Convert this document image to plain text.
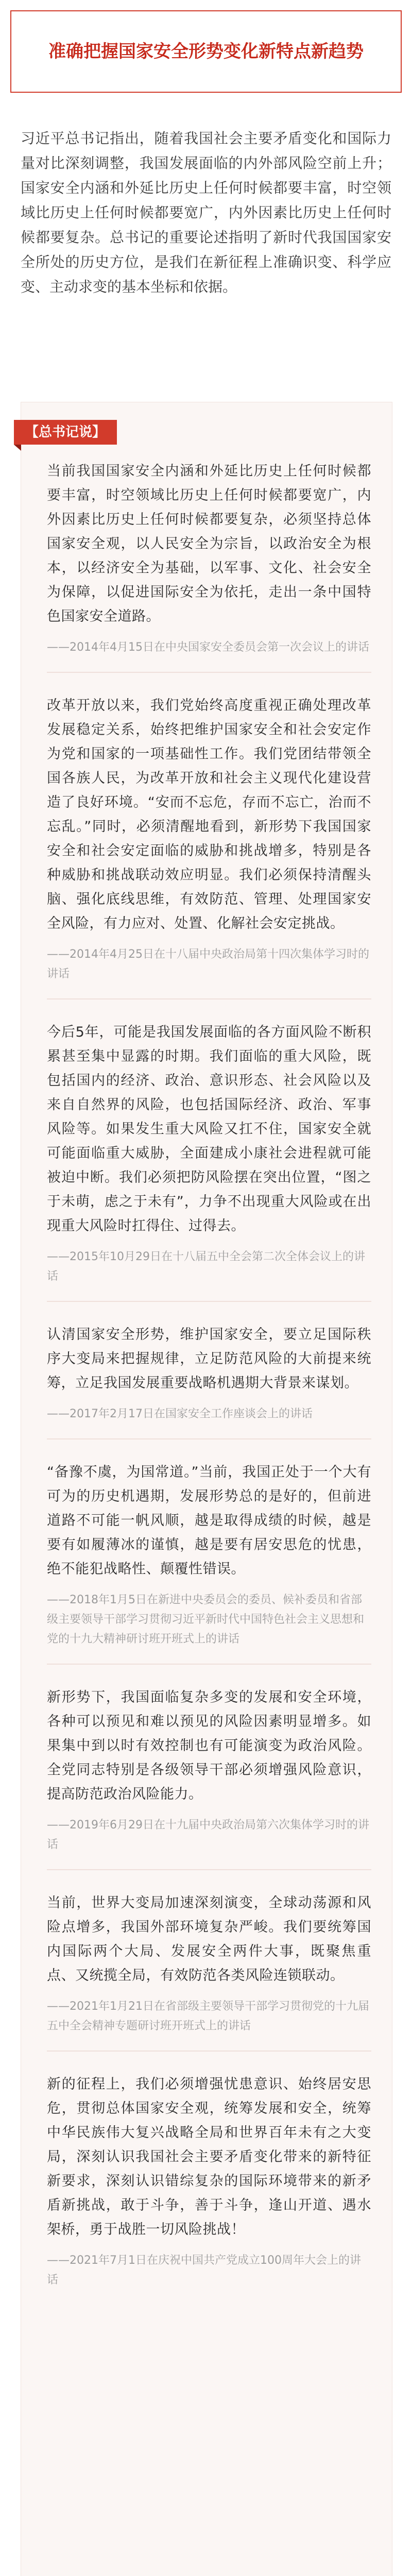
准确把握国家安全形势变化新特点新趋势
习近平总书记指出，随着我国社会主要矛盾变化和国际力量对比深刻调整，我国发展面临的内外部风险空前上升；国家安全内涵和外延比历史上任何时候都要丰富，时空领域比历史上任何时候都要宽广，内外因素比历史上任何时候都要复杂。总书记的重要论述指明了新时代我国国家安全所处的历史方位，是我们在新征程上准确识变、科学应变、主动求变的基本坐标和依据。
【总书记说】

当前我国国家安全内涵和外延比历史上任何时候都要丰富，时空领域比历史上任何时候都要宽广，内外因素比历史上任何时候都要复杂，必须坚持总体国家安全观，以人民安全为宗旨，以政治安全为根本，以经济安全为基础，以军事、文化、社会安全为保障，以促进国际安全为依托，走出一条中国特色国家安全道路。

——2014年4月15日在中央国家安全委员会第一次会议上的讲话

改革开放以来，我们党始终高度重视正确处理改革发展稳定关系，始终把维护国家安全和社会安定作为党和国家的一项基础性工作。我们党团结带领全国各族人民，为改革开放和社会主义现代化建设营造了良好环境。“安而不忘危，存而不忘亡，治而不忘乱。”同时，必须清醒地看到，新形势下我国国家安全和社会安定面临的威胁和挑战增多，特别是各种威胁和挑战联动效应明显。我们必须保持清醒头脑、强化底线思维，有效防范、管理、处理国家安全风险，有力应对、处置、化解社会安定挑战。

——2014年4月25日在十八届中央政治局第十四次集体学习时的讲话

今后5年，可能是我国发展面临的各方面风险不断积累甚至集中显露的时期。我们面临的重大风险，既包括国内的经济、政治、意识形态、社会风险以及来自自然界的风险，也包括国际经济、政治、军事风险等。如果发生重大风险又扛不住，国家安全就可能面临重大威胁，全面建成小康社会进程就可能被迫中断。我们必须把防风险摆在突出位置，“图之于未萌，虑之于未有”，力争不出现重大风险或在出现重大风险时扛得住、过得去。

——2015年10月29日在十八届五中全会第二次全体会议上的讲话

认清国家安全形势，维护国家安全，要立足国际秩序大变局来把握规律，立足防范风险的大前提来统筹，立足我国发展重要战略机遇期大背景来谋划。

——2017年2月17日在国家安全工作座谈会上的讲话

“备豫不虞，为国常道。”当前，我国正处于一个大有可为的历史机遇期，发展形势总的是好的，但前进道路不可能一帆风顺，越是取得成绩的时候，越是要有如履薄冰的谨慎，越是要有居安思危的忧患，绝不能犯战略性、颠覆性错误。

——2018年1月5日在新进中央委员会的委员、候补委员和省部级主要领导干部学习贯彻习近平新时代中国特色社会主义思想和党的十九大精神研讨班开班式上的讲话

新形势下，我国面临复杂多变的发展和安全环境，各种可以预见和难以预见的风险因素明显增多。如果集中到以时有效控制也有可能演变为政治风险。全党同志特别是各级领导干部必须增强风险意识，提高防范政治风险能力。

——2019年6月29日在十九届中央政治局第六次集体学习时的讲话

当前，世界大变局加速深刻演变，全球动荡源和风险点增多，我国外部环境复杂严峻。我们要统筹国内国际两个大局、发展安全两件大事，既聚焦重点、又统揽全局，有效防范各类风险连锁联动。

——2021年1月21日在省部级主要领导干部学习贯彻党的十九届五中全会精神专题研讨班开班式上的讲话

新的征程上，我们必须增强忧患意识、始终居安思危，贯彻总体国家安全观，统筹发展和安全，统筹中华民族伟大复兴战略全局和世界百年未有之大变局，深刻认识我国社会主要矛盾变化带来的新特征新要求，深刻认识错综复杂的国际环境带来的新矛盾新挑战，敢于斗争，善于斗争，逢山开道、遇水架桥，勇于战胜一切风险挑战！

——2021年7月1日在庆祝中国共产党成立100周年大会上的讲话
